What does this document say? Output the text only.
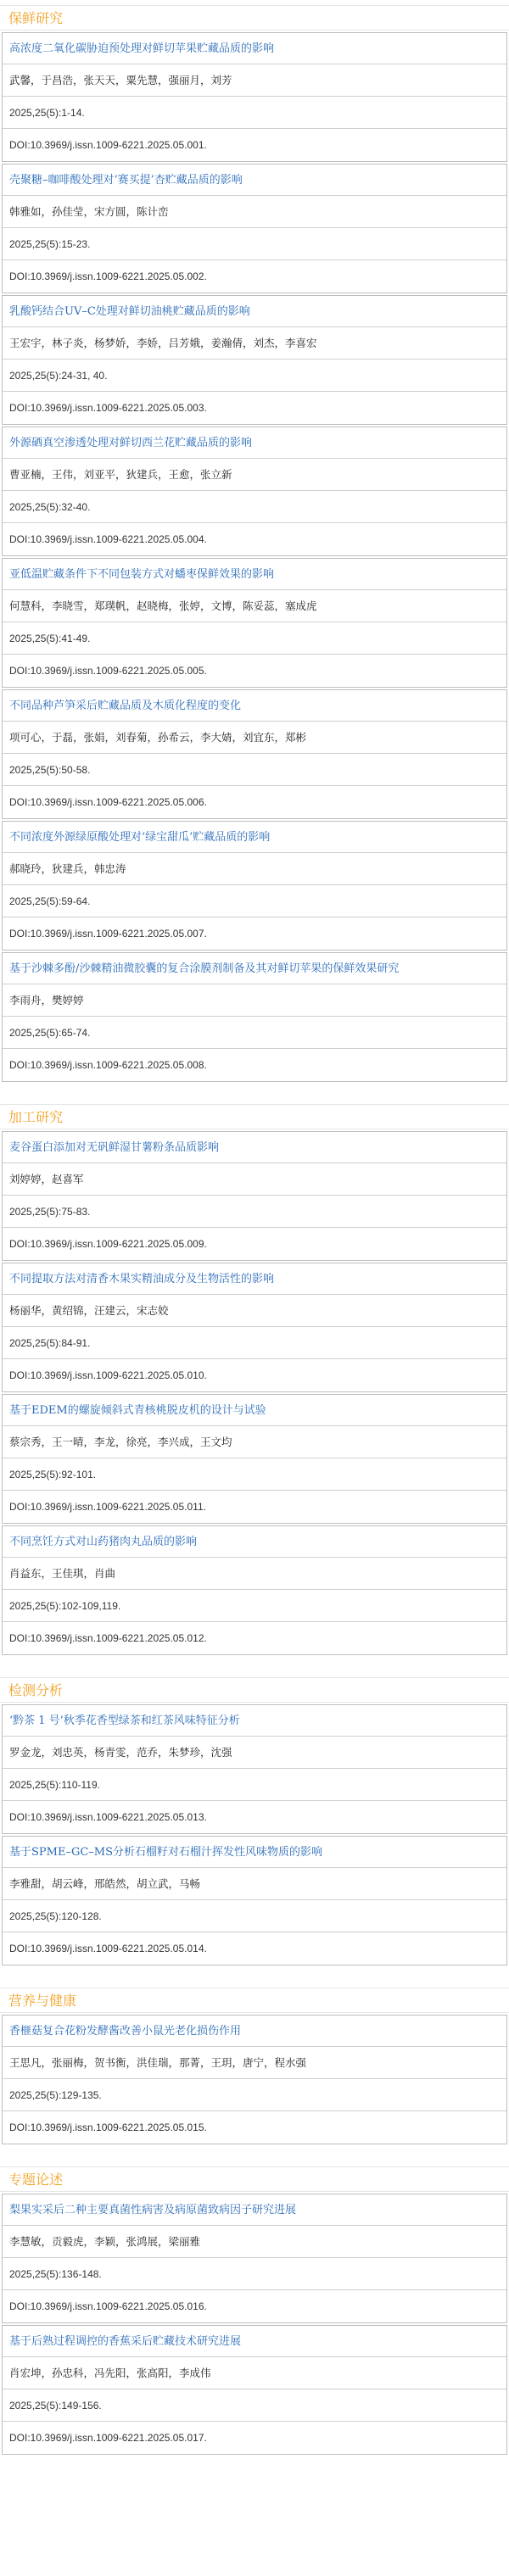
保鲜研究
高浓度二氧化碳胁迫预处理对鲜切苹果贮藏品质的影响
武馨，于昌浩，张天天，粟先慧，强丽月，刘芳
2025,25(5):1-14.
DOI:10.3969/j.issn.1009-6221.2025.05.001.
壳聚糖–咖啡酸处理对‘赛买提’杏贮藏品质的影响
韩雅如，孙佳莹，宋方圆，陈计峦
2025,25(5):15-23.
DOI:10.3969/j.issn.1009-6221.2025.05.002.
乳酸钙结合UV–C处理对鲜切油桃贮藏品质的影响
王宏宇，林子炎，杨梦娇，李娇，吕芳娥，姜瀚倩，刘杰，李喜宏
2025,25(5):24-31, 40.
DOI:10.3969/j.issn.1009-6221.2025.05.003.
外源硒真空渗透处理对鲜切西兰花贮藏品质的影响
曹亚楠，王伟，刘亚平，狄建兵，王愈，张立新
2025,25(5):32-40.
DOI:10.3969/j.issn.1009-6221.2025.05.004.
亚低温贮藏条件下不同包装方式对蟠枣保鲜效果的影响
何慧科，李晓雪，郑璞帆，赵晓梅，张婷，文博，陈妥蕊，塞成虎
2025,25(5):41-49.
DOI:10.3969/j.issn.1009-6221.2025.05.005.
不同品种芦笋采后贮藏品质及木质化程度的变化
项可心，于磊，张娟，刘春菊，孙希云，李大婧，刘宜东，郑彬
2025,25(5):50-58.
DOI:10.3969/j.issn.1009-6221.2025.05.006.
不同浓度外源绿原酸处理对‘绿宝甜瓜’贮藏品质的影响
郝晓玲，狄建兵，韩忠涛
2025,25(5):59-64.
DOI:10.3969/j.issn.1009-6221.2025.05.007.
基于沙棘多酚/沙棘精油微胶囊的复合涂膜剂制备及其对鲜切苹果的保鲜效果研究
李雨舟，樊婷婷
2025,25(5):65-74.
DOI:10.3969/j.issn.1009-6221.2025.05.008.
加工研究
麦谷蛋白添加对无矾鲜湿甘薯粉条品质影响
刘婷婷，赵喜军
2025,25(5):75-83.
DOI:10.3969/j.issn.1009-6221.2025.05.009.
不同提取方法对清香木果实精油成分及生物活性的影响
杨丽华，黄绍锦，汪建云，宋志姣
2025,25(5):84-91.
DOI:10.3969/j.issn.1009-6221.2025.05.010.
基于EDEM的螺旋倾斜式青核桃脱皮机的设计与试验
蔡宗秀，王一晴，李龙，徐亮，李兴成，王文均
2025,25(5):92-101.
DOI:10.3969/j.issn.1009-6221.2025.05.011.
不同烹饪方式对山药猪肉丸品质的影响
肖益东，王佳琪，肖曲
2025,25(5):102-109,119.
DOI:10.3969/j.issn.1009-6221.2025.05.012.
检测分析
‘黔茶 1 号’秋季花香型绿茶和红茶风味特征分析
罗金龙，刘忠英，杨青雯，范乔，朱梦珍，沈强
2025,25(5):110-119.
DOI:10.3969/j.issn.1009-6221.2025.05.013.
基于SPME–GC–MS分析石榴籽对石榴汁挥发性风味物质的影响
李雅甜，胡云峰，邢皓然，胡立武，马畅
2025,25(5):120-128.
DOI:10.3969/j.issn.1009-6221.2025.05.014.
营养与健康
香榧菇复合花粉发酵酱改善小鼠光老化损伤作用
王思凡，张丽梅，贺书衡，洪佳瑞，那菁，王玥，唐宁，程水强
2025,25(5):129-135.
DOI:10.3969/j.issn.1009-6221.2025.05.015.
专题论述
梨果实采后二种主要真菌性病害及病原菌致病因子研究进展
李慧敏，贡毅虎，李颖，张鸿展，梁丽雅
2025,25(5):136-148.
DOI:10.3969/j.issn.1009-6221.2025.05.016.
基于后熟过程调控的香蕉采后贮藏技术研究进展
肖宏坤，孙忠科，冯先阳，张高阳，李成伟
2025,25(5):149-156.
DOI:10.3969/j.issn.1009-6221.2025.05.017.
